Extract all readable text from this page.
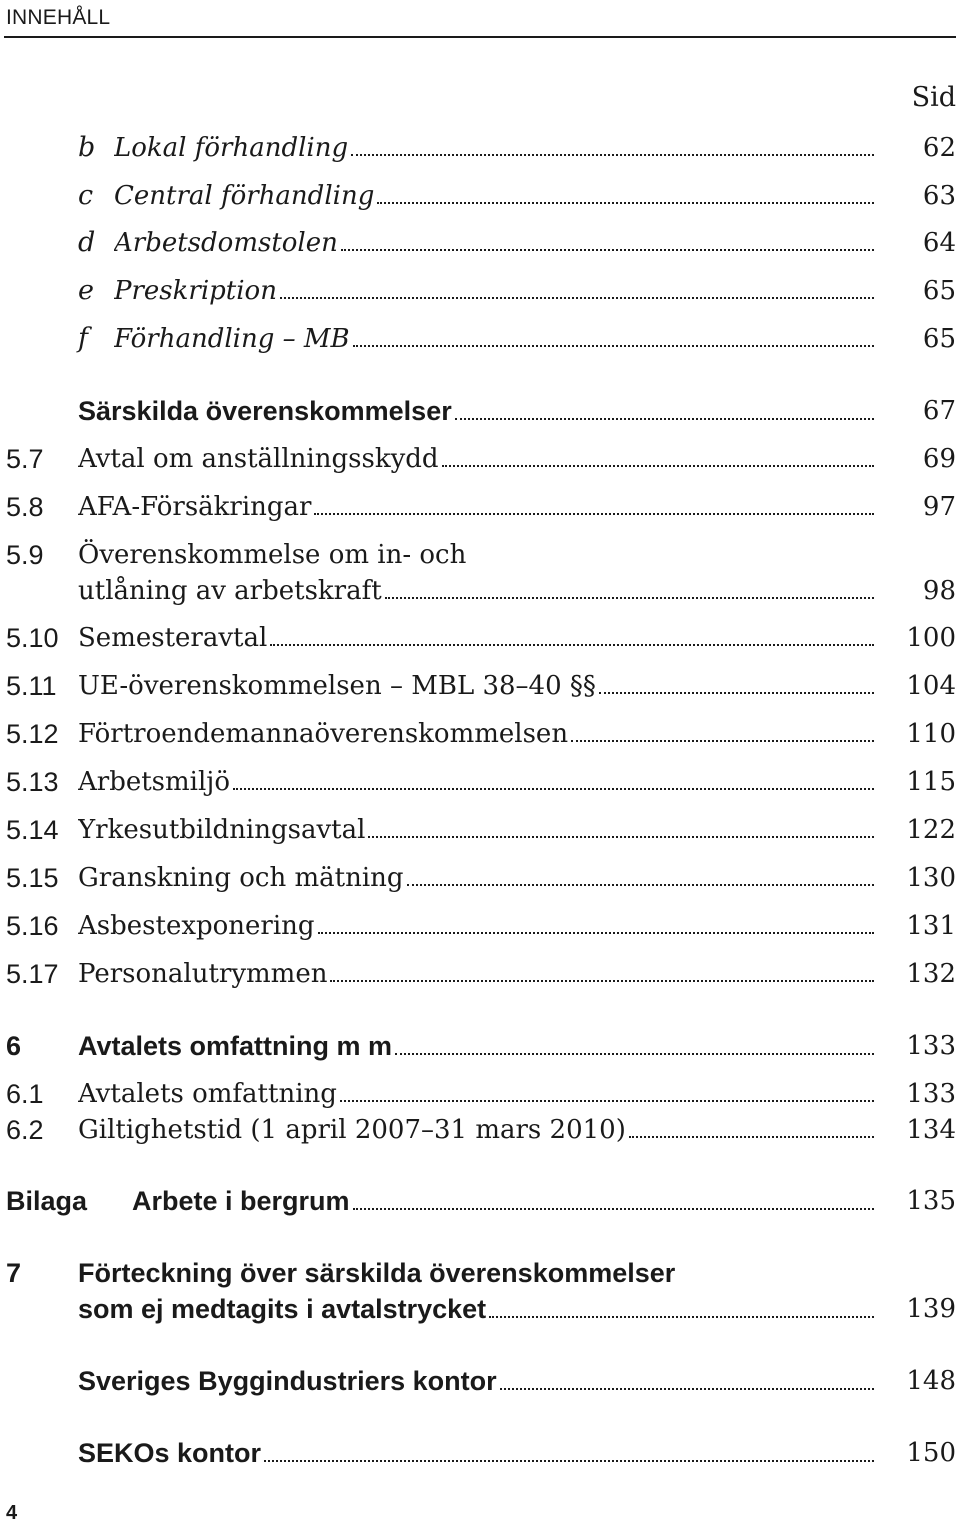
INNEHÅLL
Sid
b Lokal förhandling	62
c Central förhandling	63
d Arbetsdomstolen	64
e Preskription	65
f Förhandling – MB	65
Särskilda överenskommelser	67
5.7 Avtal om anställningsskydd	69
5.8 AFA-Försäkringar	97
5.9 Överenskommelse om in- och
utlåning av arbetskraft	98
5.10 Semesteravtal	100
5.11 UE-överenskommelsen – MBL 38–40 §§	104
5.12 Förtroendemannaöverenskommelsen	110
5.13 Arbetsmiljö	115
5.14 Yrkesutbildningsavtal	122
5.15 Granskning och mätning	130
5.16 Asbestexponering	131
5.17 Personalutrymmen	132
6 Avtalets omfattning m m	133
6.1 Avtalets omfattning	133
6.2 Giltighetstid (1 april 2007–31 mars 2010)	134
Bilaga Arbete i bergrum	135
7 Förteckning över särskilda överenskommelser
som ej medtagits i avtalstrycket	139
Sveriges Byggindustriers kontor	148
SEKOs kontor	150
4
